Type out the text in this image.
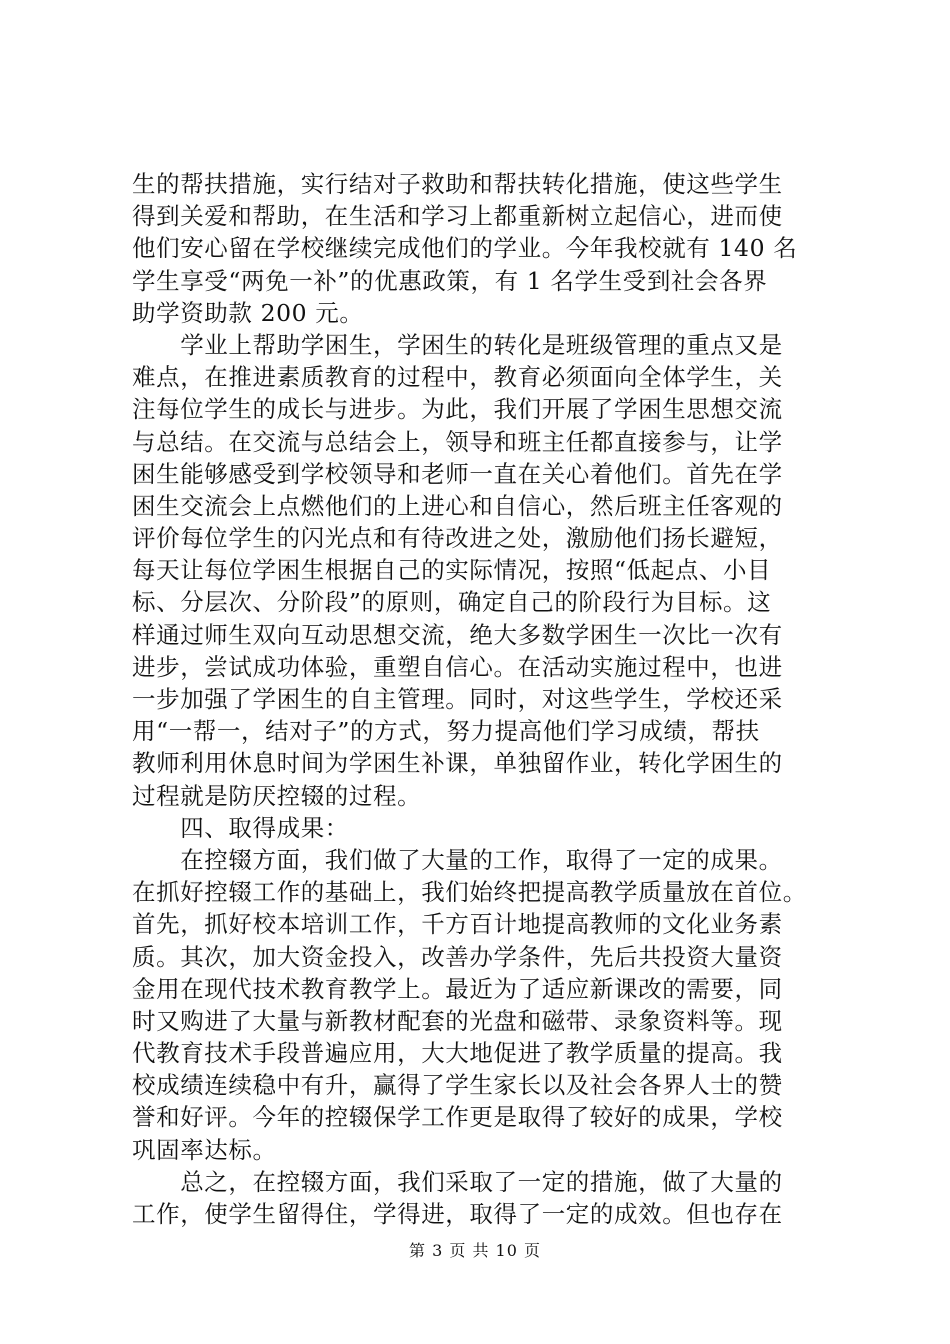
生的帮扶措施，实行结对子救助和帮扶转化措施，使这些学生
得到关爱和帮助，在生活和学习上都重新树立起信心，进而使
他们安心留在学校继续完成他们的学业。今年我校就有 140 名
学生享受“两免一补”的优惠政策，有 1 名学生受到社会各界
助学资助款 200 元。
　　学业上帮助学困生，学困生的转化是班级管理的重点又是
难点，在推进素质教育的过程中，教育必须面向全体学生，关
注每位学生的成长与进步。为此，我们开展了学困生思想交流
与总结。在交流与总结会上，领导和班主任都直接参与，让学
困生能够感受到学校领导和老师一直在关心着他们。首先在学
困生交流会上点燃他们的上进心和自信心，然后班主任客观的
评价每位学生的闪光点和有待改进之处，激励他们扬长避短，
每天让每位学困生根据自己的实际情况，按照“低起点、小目
标、分层次、分阶段”的原则，确定自己的阶段行为目标。这
样通过师生双向互动思想交流，绝大多数学困生一次比一次有
进步，尝试成功体验，重塑自信心。在活动实施过程中，也进
一步加强了学困生的自主管理。同时，对这些学生，学校还采
用“一帮一，结对子”的方式，努力提高他们学习成绩，帮扶
教师利用休息时间为学困生补课，单独留作业，转化学困生的
过程就是防厌控辍的过程。
　　四、取得成果：
　　在控辍方面，我们做了大量的工作，取得了一定的成果。
在抓好控辍工作的基础上，我们始终把提高教学质量放在首位。
首先，抓好校本培训工作，千方百计地提高教师的文化业务素
质。其次，加大资金投入，改善办学条件，先后共投资大量资
金用在现代技术教育教学上。最近为了适应新课改的需要，同
时又购进了大量与新教材配套的光盘和磁带、录象资料等。现
代教育技术手段普遍应用，大大地促进了教学质量的提高。我
校成绩连续稳中有升，赢得了学生家长以及社会各界人士的赞
誉和好评。今年的控辍保学工作更是取得了较好的成果，学校
巩固率达标。
　　总之，在控辍方面，我们采取了一定的措施，做了大量的
工作，使学生留得住，学得进，取得了一定的成效。但也存在
第 3 页 共 10 页
